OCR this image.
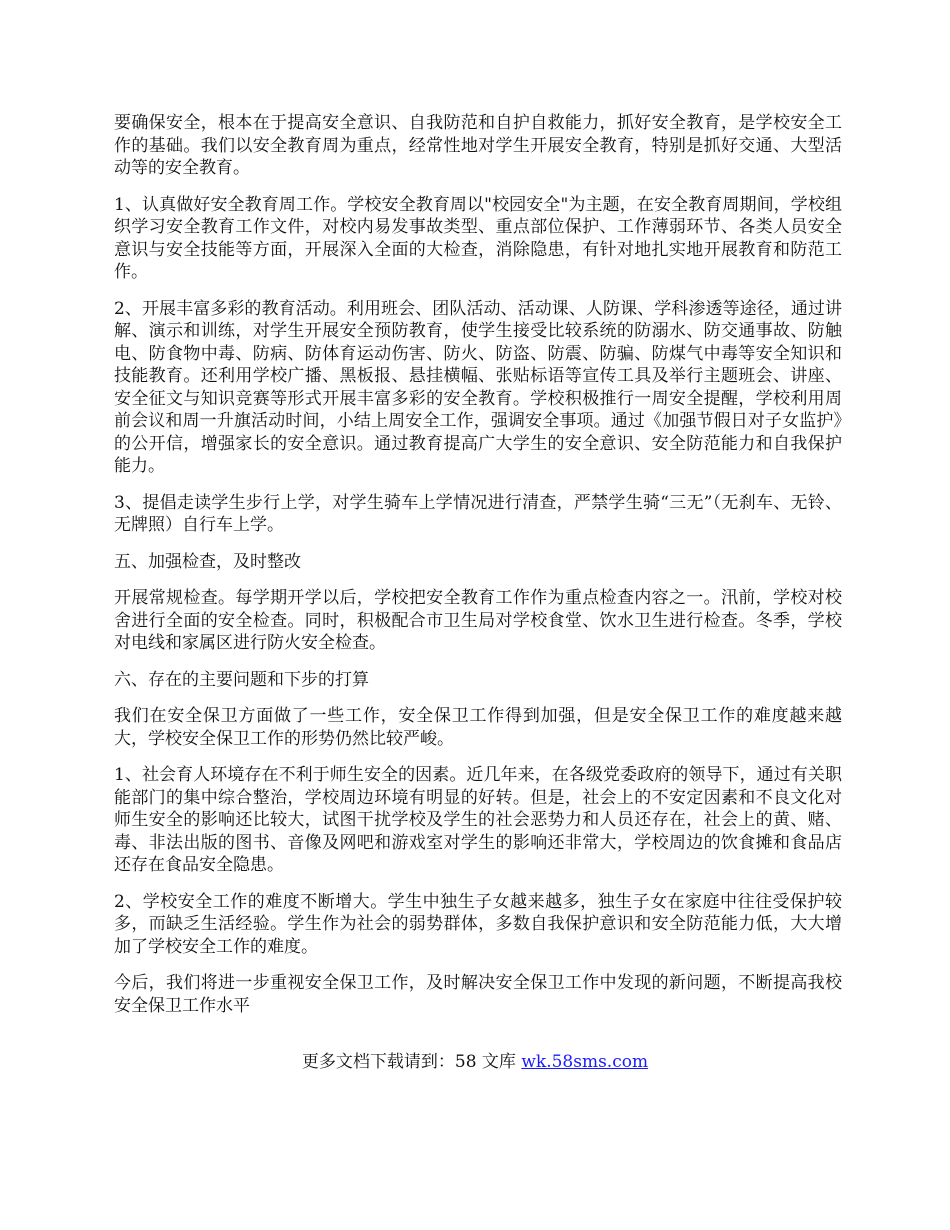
要确保安全，根本在于提高安全意识、自我防范和自护自救能力，抓好安全教育，是学校安全工作的基础。我们以安全教育周为重点，经常性地对学生开展安全教育，特别是抓好交通、大型活动等的安全教育。

1、认真做好安全教育周工作。学校安全教育周以"校园安全"为主题，在安全教育周期间，学校组织学习安全教育工作文件，对校内易发事故类型、重点部位保护、工作薄弱环节、各类人员安全意识与安全技能等方面，开展深入全面的大检查，消除隐患，有针对地扎实地开展教育和防范工作。

2、开展丰富多彩的教育活动。利用班会、团队活动、活动课、人防课、学科渗透等途径，通过讲解、演示和训练，对学生开展安全预防教育，使学生接受比较系统的防溺水、防交通事故、防触电、防食物中毒、防病、防体育运动伤害、防火、防盗、防震、防骗、防煤气中毒等安全知识和技能教育。还利用学校广播、黑板报、悬挂横幅、张贴标语等宣传工具及举行主题班会、讲座、安全征文与知识竞赛等形式开展丰富多彩的安全教育。学校积极推行一周安全提醒，学校利用周前会议和周一升旗活动时间，小结上周安全工作，强调安全事项。通过《加强节假日对子女监护》的公开信，增强家长的安全意识。通过教育提高广大学生的安全意识、安全防范能力和自我保护能力。

3、提倡走读学生步行上学，对学生骑车上学情况进行清查，严禁学生骑“三无”（无刹车、无铃、无牌照）自行车上学。

五、加强检查，及时整改

开展常规检查。每学期开学以后，学校把安全教育工作作为重点检查内容之一。汛前，学校对校舍进行全面的安全检查。同时，积极配合市卫生局对学校食堂、饮水卫生进行检查。冬季，学校对电线和家属区进行防火安全检查。

六、存在的主要问题和下步的打算

我们在安全保卫方面做了一些工作，安全保卫工作得到加强，但是安全保卫工作的难度越来越大，学校安全保卫工作的形势仍然比较严峻。

1、社会育人环境存在不利于师生安全的因素。近几年来，在各级党委政府的领导下，通过有关职能部门的集中综合整治，学校周边环境有明显的好转。但是，社会上的不安定因素和不良文化对师生安全的影响还比较大，试图干扰学校及学生的社会恶势力和人员还存在，社会上的黄、赌、毒、非法出版的图书、音像及网吧和游戏室对学生的影响还非常大，学校周边的饮食摊和食品店还存在食品安全隐患。

2、学校安全工作的难度不断增大。学生中独生子女越来越多，独生子女在家庭中往往受保护较多，而缺乏生活经验。学生作为社会的弱势群体，多数自我保护意识和安全防范能力低，大大增加了学校安全工作的难度。

今后，我们将进一步重视安全保卫工作，及时解决安全保卫工作中发现的新问题，不断提高我校安全保卫工作水平

更多文档下载请到：58 文库 wk.58sms.com
